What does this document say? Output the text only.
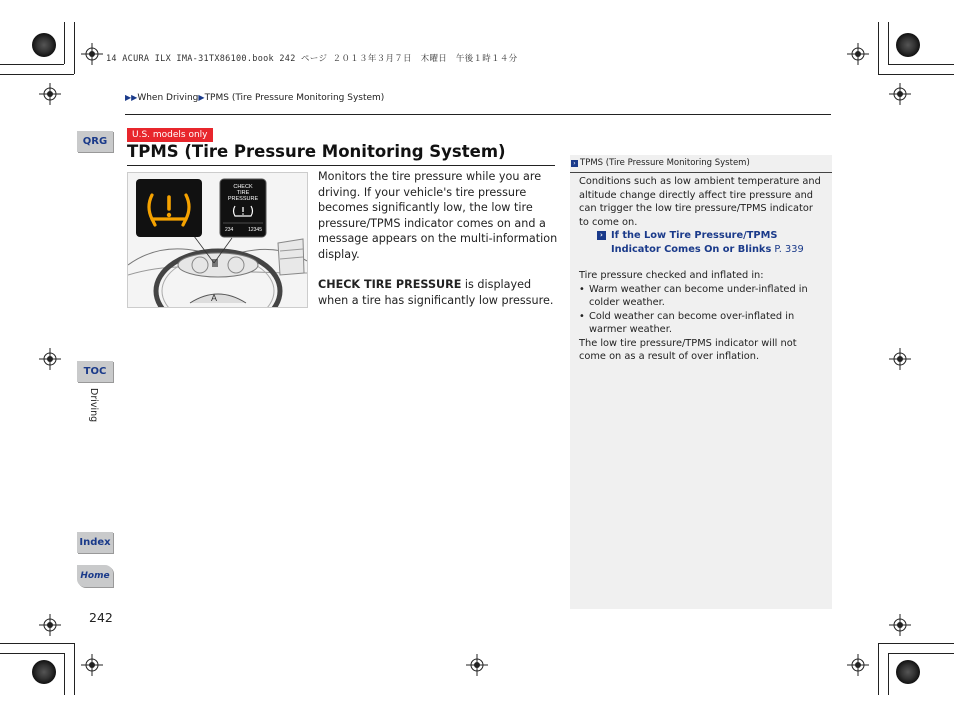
14 ACURA ILX IMA-31TX86100.book 242 ページ ２０１３年３月７日　木曜日　午後１時１４分
▶▶When Driving▶TPMS (Tire Pressure Monitoring System)
QRG
TOC
Driving
Index
Home
U.S. models only
TPMS (Tire Pressure Monitoring System)
A
CHECK
TIRE
PRESSURE
234	12345

Monitors the tire pressure while you are driving. If your vehicle's tire pressure becomes significantly low, the low tire pressure/TPMS indicator comes on and a message appears on the multi-information display.

CHECK TIRE PRESSURE is displayed when a tire has significantly low pressure.

› TPMS (Tire Pressure Monitoring System)

Conditions such as low ambient temperature and altitude change directly affect tire pressure and can trigger the low tire pressure/TPMS indicator to come on.

› If the Low Tire Pressure/TPMS Indicator Comes On or Blinks P. 339

Tire pressure checked and inflated in:

• Warm weather can become under-inflated in colder weather.
• Cold weather can become over-inflated in warmer weather.

The low tire pressure/TPMS indicator will not come on as a result of over inflation.

242
